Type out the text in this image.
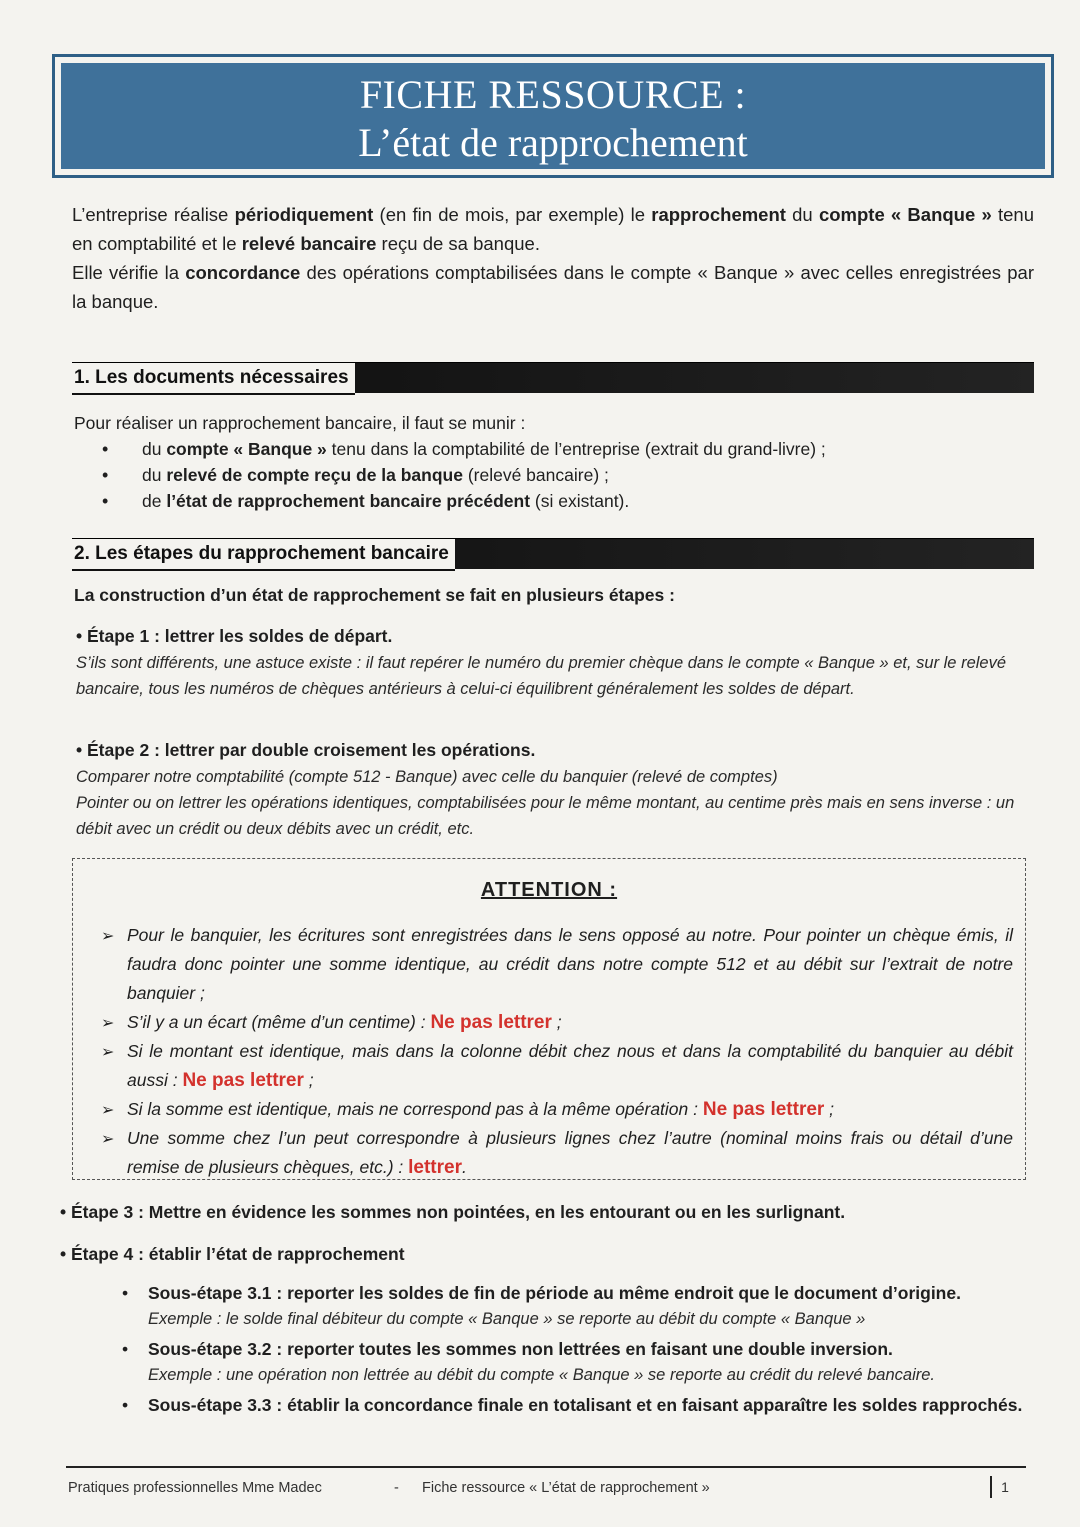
FICHE RESSOURCE :
L’état de rapprochement

L’entreprise réalise périodiquement (en fin de mois, par exemple) le rapprochement du compte « Banque » tenu en comptabilité et le relevé bancaire reçu de sa banque.

Elle vérifie la concordance des opérations comptabilisées dans le compte « Banque » avec celles enregistrées par la banque.

1. Les documents nécessaires

Pour réaliser un rapprochement bancaire, il faut se munir :

• du compte « Banque » tenu dans la comptabilité de l’entreprise (extrait du grand-livre) ;
• du relevé de compte reçu de la banque (relevé bancaire) ;
• de l’état de rapprochement bancaire précédent (si existant).
2. Les étapes du rapprochement bancaire

La construction d’un état de rapprochement se fait en plusieurs étapes :

• Étape 1 : lettrer les soldes de départ.

S’ils sont différents, une astuce existe : il faut repérer le numéro du premier chèque dans le compte « Banque » et, sur le relevé bancaire, tous les numéros de chèques antérieurs à celui-ci équilibrent généralement les soldes de départ.

• Étape 2 : lettrer par double croisement les opérations.

Comparer notre comptabilité (compte 512 - Banque) avec celle du banquier (relevé de comptes)

Pointer ou on lettrer les opérations identiques, comptabilisées pour le même montant, au centime près mais en sens inverse : un débit avec un crédit ou deux débits avec un crédit, etc.

ATTENTION :
➢ Pour le banquier, les écritures sont enregistrées dans le sens opposé au notre. Pour pointer un chèque émis, il faudra donc pointer une somme identique, au crédit dans notre compte 512 et au débit sur l’extrait de notre banquier ;
➢ S’il y a un écart (même d’un centime) : Ne pas lettrer ;
➢ Si le montant est identique, mais dans la colonne débit chez nous et dans la comptabilité du banquier au débit aussi : Ne pas lettrer ;
➢ Si la somme est identique, mais ne correspond pas à la même opération : Ne pas lettrer ;
➢ Une somme chez l’un peut correspondre à plusieurs lignes chez l’autre (nominal moins frais ou détail d’une remise de plusieurs chèques, etc.) : lettrer.

• Étape 3 : Mettre en évidence les sommes non pointées, en les entourant ou en les surlignant.

• Étape 4 : établir l’état de rapprochement

• Sous-étape 3.1 : reporter les soldes de fin de période au même endroit que le document d’origine.
Exemple : le solde final débiteur du compte « Banque » se reporte au débit du compte « Banque »
• Sous-étape 3.2 : reporter toutes les sommes non lettrées en faisant une double inversion.
Exemple : une opération non lettrée au débit du compte « Banque » se reporte au crédit du relevé bancaire.
• Sous-étape 3.3 : établir la concordance finale en totalisant et en faisant apparaître les soldes rapprochés.
Pratiques professionnelles Mme Madec	- Fiche ressource « L’état de rapprochement »	1
